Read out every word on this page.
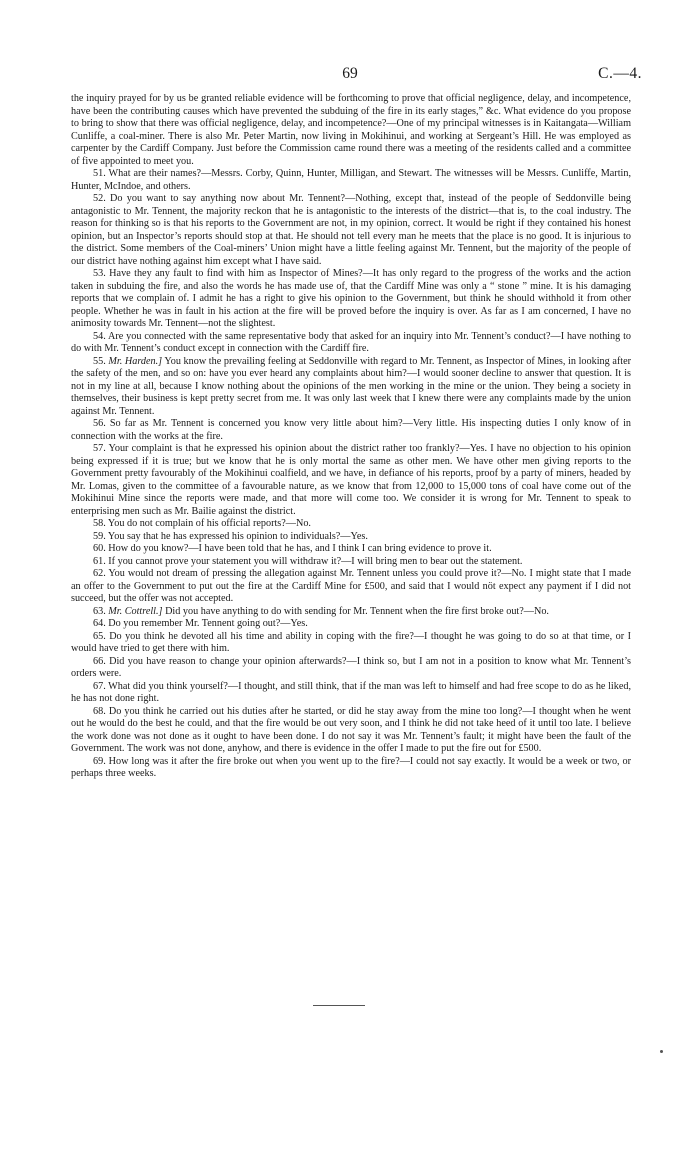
69	C.—4.

the inquiry prayed for by us be granted reliable evidence will be forthcoming to prove that official negligence, delay, and incompetence, have been the contributing causes which have prevented the subduing of the fire in its early stages,” &c. What evidence do you propose to bring to show that there was official negligence, delay, and incompetence?—One of my principal witnesses is in Kaitangata—William Cunliffe, a coal-miner. There is also Mr. Peter Martin, now living in Mokihinui, and working at Sergeant’s Hill. He was employed as carpenter by the Cardiff Company. Just before the Commission came round there was a meeting of the residents called and a committee of five appointed to meet you.

51. What are their names?—Messrs. Corby, Quinn, Hunter, Milligan, and Stewart. The witnesses will be Messrs. Cunliffe, Martin, Hunter, McIndoe, and others.

52. Do you want to say anything now about Mr. Tennent?—Nothing, except that, instead of the people of Seddonville being antagonistic to Mr. Tennent, the majority reckon that he is antagonistic to the interests of the district—that is, to the coal industry. The reason for thinking so is that his reports to the Government are not, in my opinion, correct. It would be right if they contained his honest opinion, but an Inspector’s reports should stop at that. He should not tell every man he meets that the place is no good. It is injurious to the district. Some members of the Coal-miners’ Union might have a little feeling against Mr. Tennent, but the majority of the people of our district have nothing against him except what I have said.

53. Have they any fault to find with him as Inspector of Mines?—It has only regard to the progress of the works and the action taken in subduing the fire, and also the words he has made use of, that the Cardiff Mine was only a “ stone ” mine. It is his damaging reports that we complain of. I admit he has a right to give his opinion to the Government, but think he should withhold it from other people. Whether he was in fault in his action at the fire will be proved before the inquiry is over. As far as I am concerned, I have no animosity towards Mr. Tennent—not the slightest.

54. Are you connected with the same representative body that asked for an inquiry into Mr. Tennent’s conduct?—I have nothing to do with Mr. Tennent’s conduct except in connection with the Cardiff fire.

55. Mr. Harden.] You know the prevailing feeling at Seddonville with regard to Mr. Tennent, as Inspector of Mines, in looking after the safety of the men, and so on: have you ever heard any complaints about him?—I would sooner decline to answer that question. It is not in my line at all, because I know nothing about the opinions of the men working in the mine or the union. They being a society in themselves, their business is kept pretty secret from me. It was only last week that I knew there were any complaints made by the union against Mr. Tennent.

56. So far as Mr. Tennent is concerned you know very little about him?—Very little. His inspecting duties I only know of in connection with the works at the fire.

57. Your complaint is that he expressed his opinion about the district rather too frankly?—Yes. I have no objection to his opinion being expressed if it is true; but we know that he is only mortal the same as other men. We have other men giving reports to the Government pretty favourably of the Mokihinui coalfield, and we have, in defiance of his reports, proof by a party of miners, headed by Mr. Lomas, given to the committee of a favourable nature, as we know that from 12,000 to 15,000 tons of coal have come out of the Mokihinui Mine since the reports were made, and that more will come too. We consider it is wrong for Mr. Tennent to speak to enterprising men such as Mr. Bailie against the district.

58. You do not complain of his official reports?—No.

59. You say that he has expressed his opinion to individuals?—Yes.

60. How do you know?—I have been told that he has, and I think I can bring evidence to prove it.

61. If you cannot prove your statement you will withdraw it?—I will bring men to bear out the statement.

62. You would not dream of pressing the allegation against Mr. Tennent unless you could prove it?—No. I might state that I made an offer to the Government to put out the fire at the Cardiff Mine for £500, and said that I would nöt expect any payment if I did not succeed, but the offer was not accepted.

63. Mr. Cottrell.] Did you have anything to do with sending for Mr. Tennent when the fire first broke out?—No.

64. Do you remember Mr. Tennent going out?—Yes.

65. Do you think he devoted all his time and ability in coping with the fire?—I thought he was going to do so at that time, or I would have tried to get there with him.

66. Did you have reason to change your opinion afterwards?—I think so, but I am not in a position to know what Mr. Tennent’s orders were.

67. What did you think yourself?—I thought, and still think, that if the man was left to himself and had free scope to do as he liked, he has not done right.

68. Do you think he carried out his duties after he started, or did he stay away from the mine too long?—I thought when he went out he would do the best he could, and that the fire would be out very soon, and I think he did not take heed of it until too late. I believe the work done was not done as it ought to have been done. I do not say it was Mr. Tennent’s fault; it might have been the fault of the Government. The work was not done, anyhow, and there is evidence in the offer I made to put the fire out for £500.

69. How long was it after the fire broke out when you went up to the fire?—I could not say exactly. It would be a week or two, or perhaps three weeks.
